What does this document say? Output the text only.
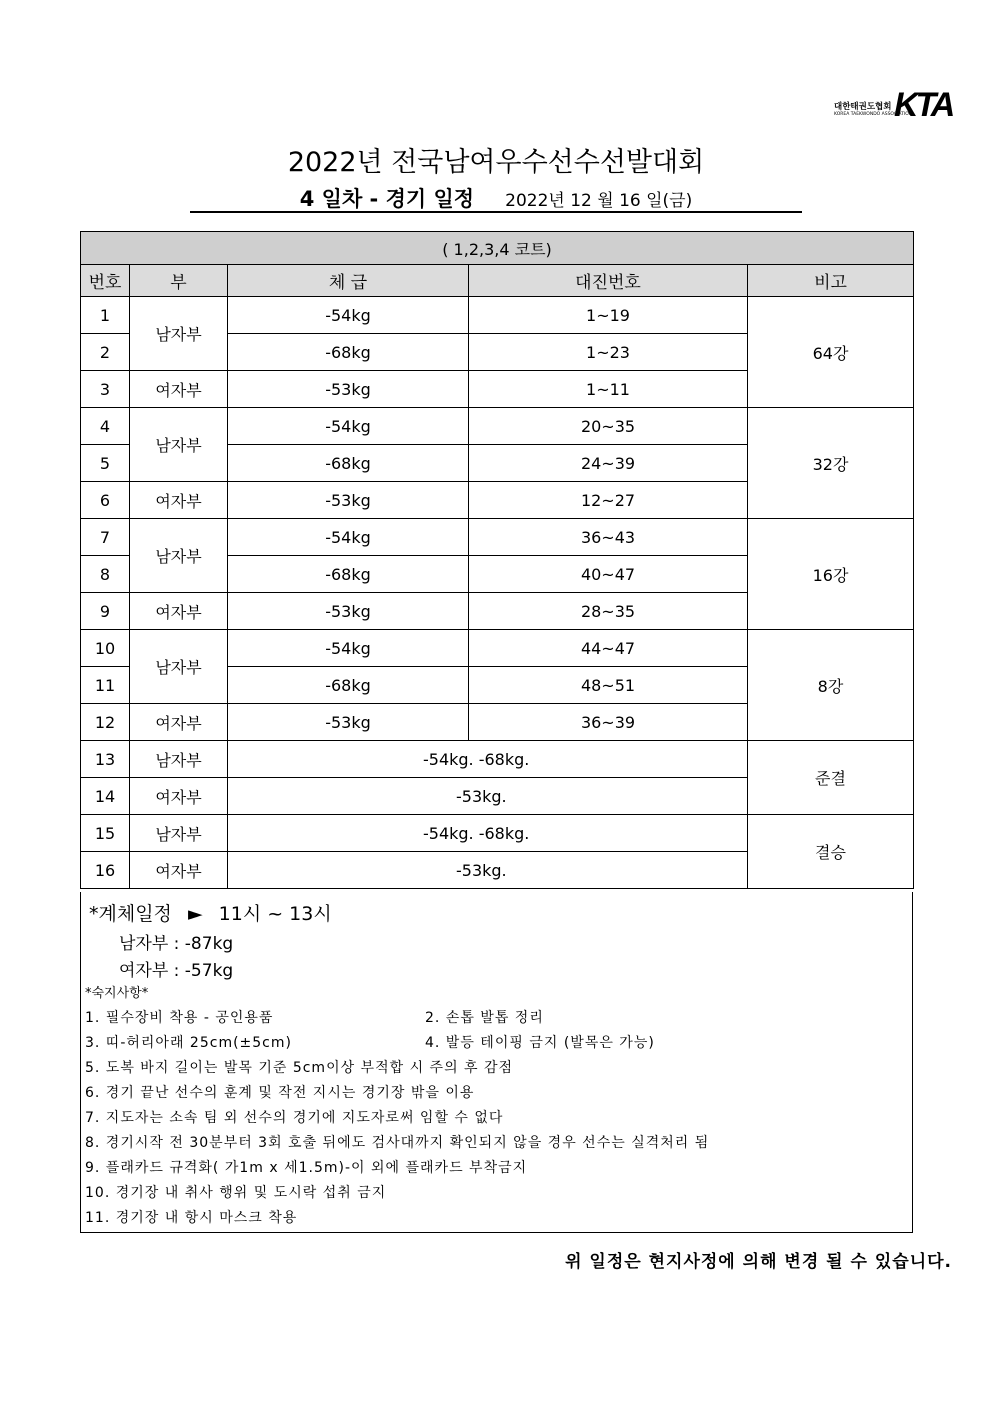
대한태권도협회
KOREA TAEKWONDO ASSOCIATION
KTA
2022년 전국남여우수선수선발대회
4 일차 - 경기 일정 2022년 12 월 16 일(금)
( 1,2,3,4 코트)				
번호	부	체 급	대진번호	비고
1	남자부	-54kg	1~19	64강
2		-68kg	1~23	
3	여자부	-53kg	1~11	
4	남자부	-54kg	20~35	32강
5		-68kg	24~39	
6	여자부	-53kg	12~27	
7	남자부	-54kg	36~43	16강
8		-68kg	40~47	
9	여자부	-53kg	28~35	
10	남자부	-54kg	44~47	8강
11		-68kg	48~51	
12	여자부	-53kg	36~39	
13	남자부	-54kg. -68kg.		준결
14	여자부	-53kg.		
15	남자부	-54kg. -68kg.		결승
16	여자부	-53kg.		
*계체일정 ► 11시 ~ 13시
남자부 : -87kg
여자부 : -57kg
*숙지사항*
1. 필수장비 착용 - 공인용품	2. 손톱 발톱 정리
3. 띠-허리아래 25cm(±5cm)	4. 발등 테이핑 금지 (발목은 가능)
5. 도복 바지 길이는 발목 기준 5cm이상 부적합 시 주의 후 감점
6. 경기 끝난 선수의 훈계 및 작전 지시는 경기장 밖을 이용
7. 지도자는 소속 팀 외 선수의 경기에 지도자로써 임할 수 없다
8. 경기시작 전 30분부터 3회 호출 뒤에도 검사대까지 확인되지 않을 경우 선수는 실격처리 됨
9. 플래카드 규격화( 가1m x 세1.5m)-이 외에 플래카드 부착금지
10. 경기장 내 취사 행위 및 도시락 섭취 금지
11. 경기장 내 항시 마스크 착용
위 일정은 현지사정에 의해 변경 될 수 있습니다.
